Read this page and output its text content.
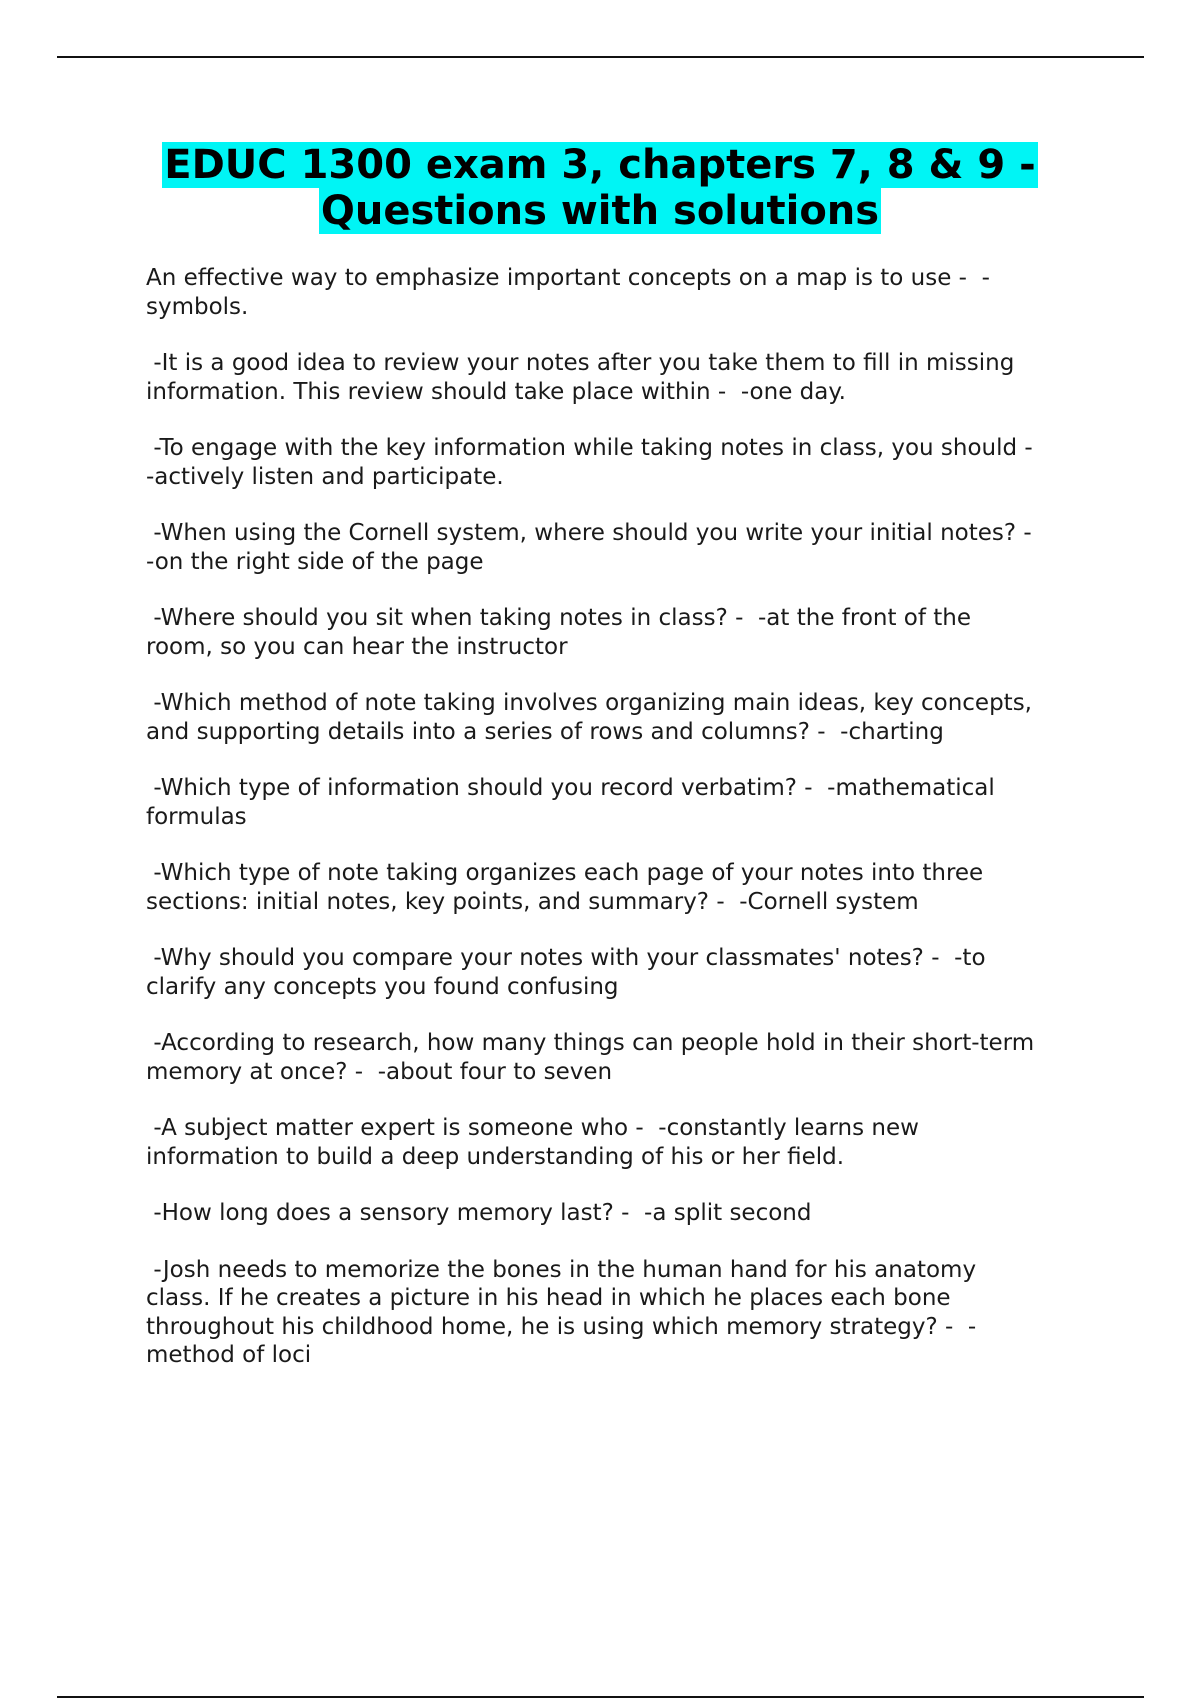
EDUC 1300 exam 3, chapters 7, 8 & 9 -
Questions with solutions

An effective way to emphasize important concepts on a map is to use -  -
symbols.

-It is a good idea to review your notes after you take them to fill in missing
information. This review should take place within -  -one day.

-To engage with the key information while taking notes in class, you should -
-actively listen and participate.

-When using the Cornell system, where should you write your initial notes? -
-on the right side of the page

-Where should you sit when taking notes in class? -  -at the front of the
room, so you can hear the instructor

-Which method of note taking involves organizing main ideas, key concepts,
and supporting details into a series of rows and columns? -  -charting

-Which type of information should you record verbatim? -  -mathematical
formulas

-Which type of note taking organizes each page of your notes into three
sections: initial notes, key points, and summary? -  -Cornell system

-Why should you compare your notes with your classmates' notes? -  -to
clarify any concepts you found confusing

-According to research, how many things can people hold in their short-term
memory at once? -  -about four to seven

-A subject matter expert is someone who -  -constantly learns new
information to build a deep understanding of his or her field.

-How long does a sensory memory last? -  -a split second

-Josh needs to memorize the bones in the human hand for his anatomy
class. If he creates a picture in his head in which he places each bone
throughout his childhood home, he is using which memory strategy? -  -
method of loci
